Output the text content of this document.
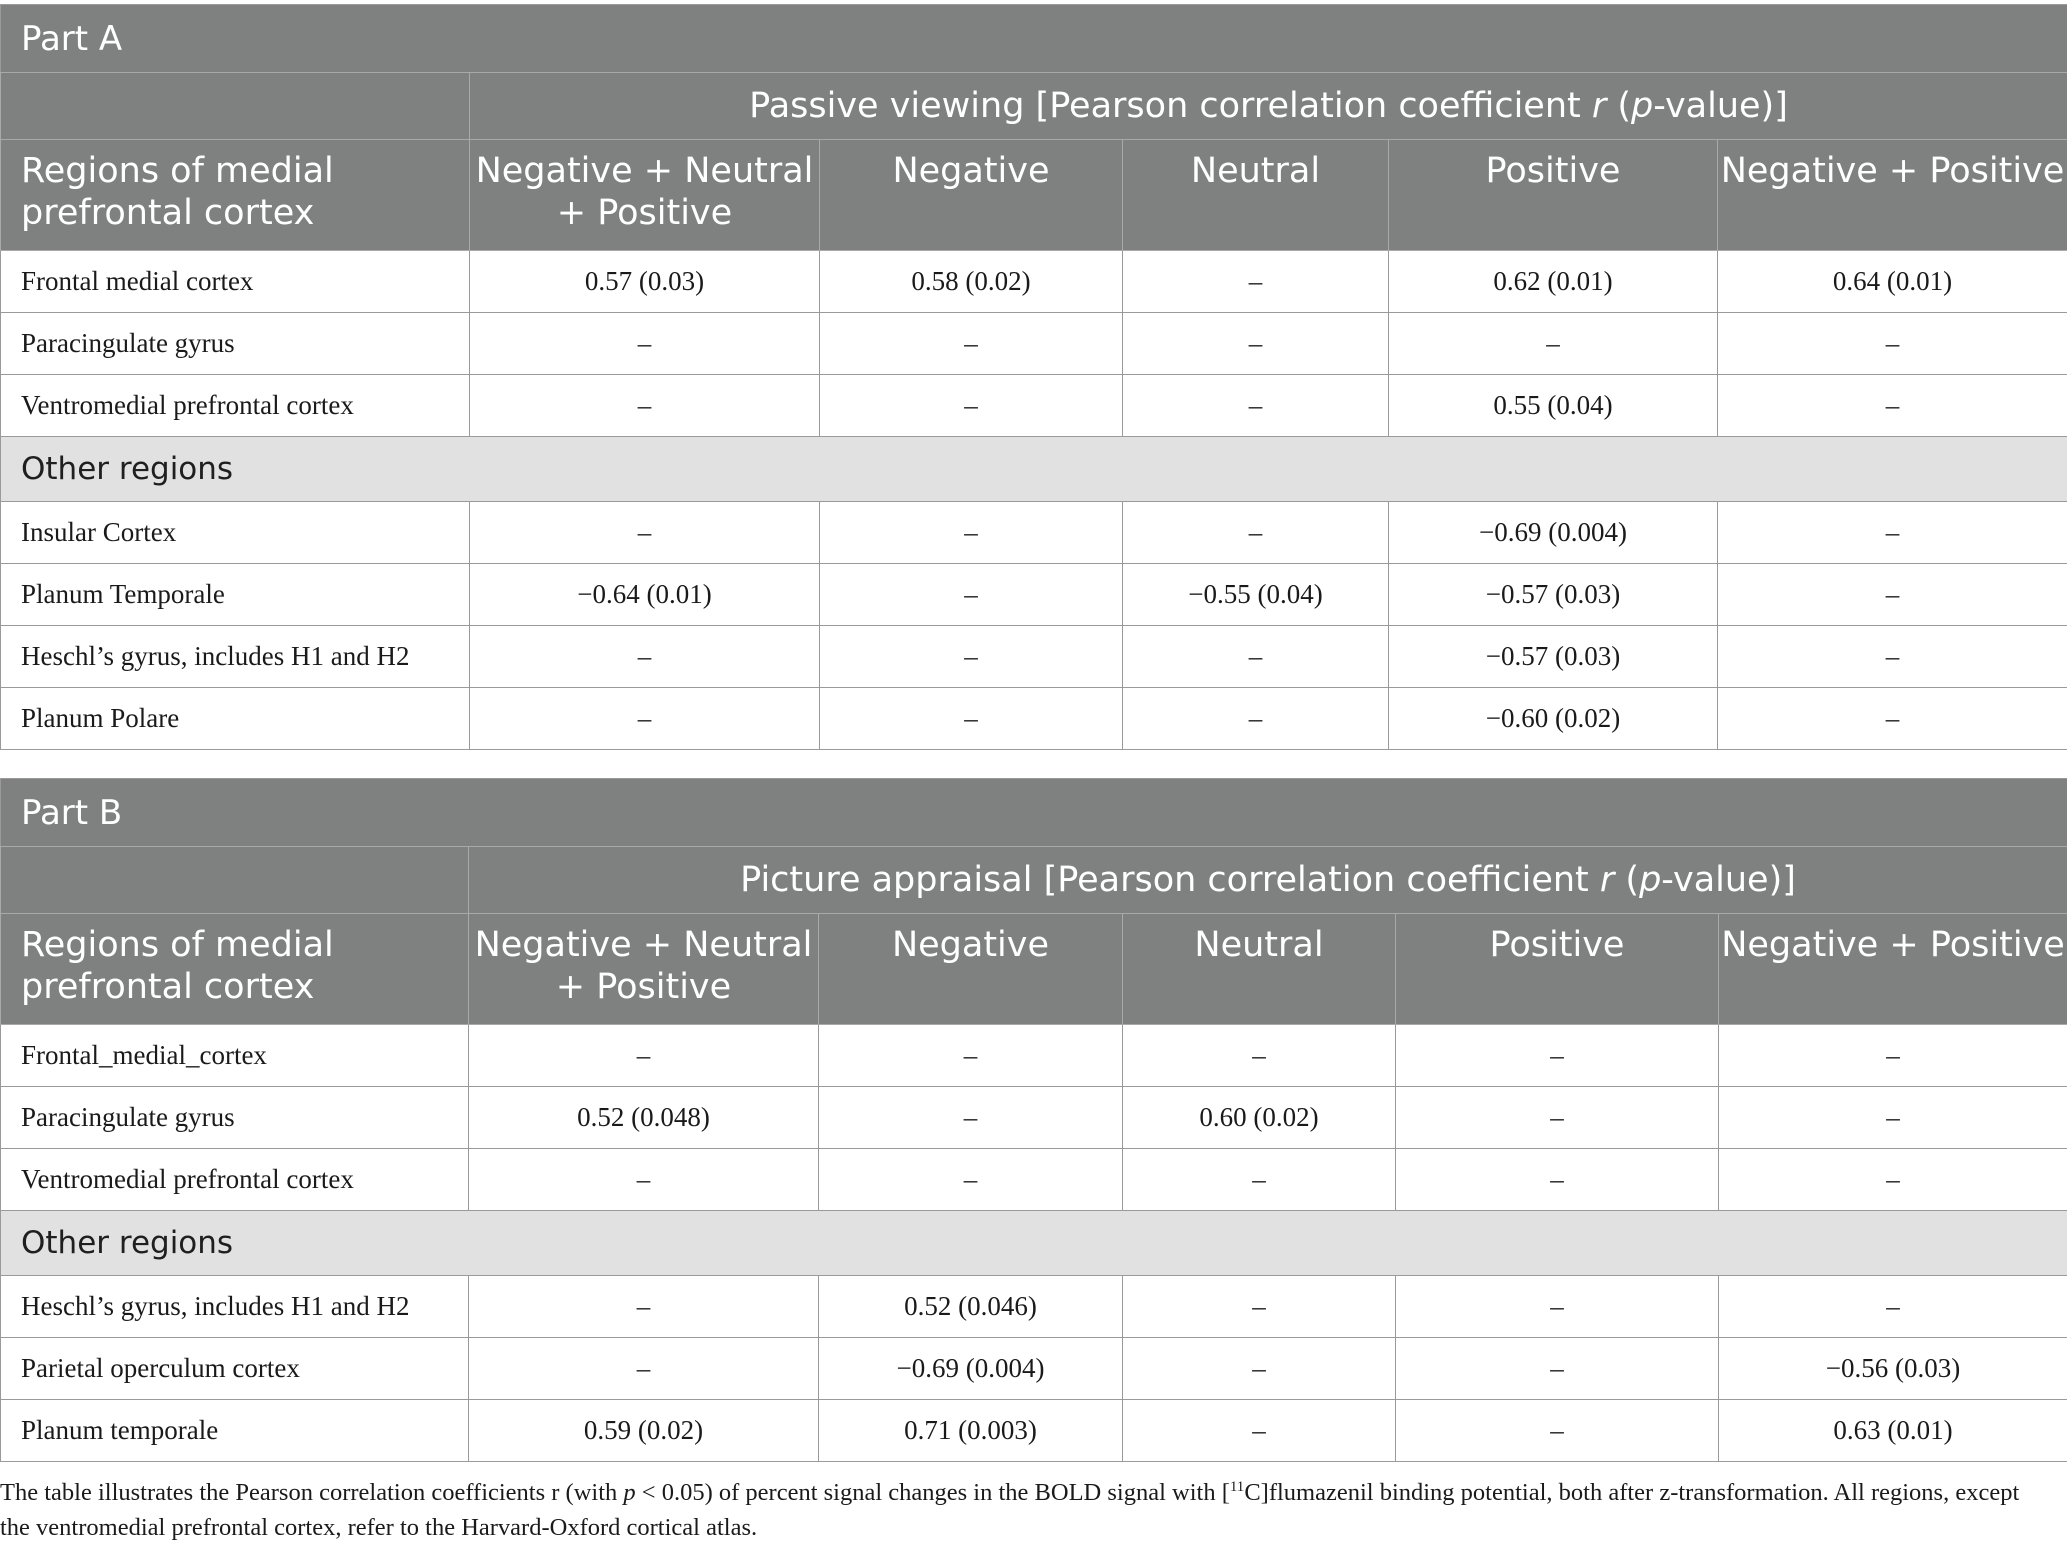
Part A					
	Passive viewing [Pearson correlation coefficient r (p-value)]				
Regions of medial prefrontal cortex	Negative + Neutral + Positive	Negative	Neutral	Positive	Negative + Positive
Frontal medial cortex	0.57 (0.03)	0.58 (0.02)	–	0.62 (0.01)	0.64 (0.01)
Paracingulate gyrus	–	–	–	–	–
Ventromedial prefrontal cortex	–	–	–	0.55 (0.04)	–
Other regions					
Insular Cortex	–	–	–	−0.69 (0.004)	–
Planum Temporale	−0.64 (0.01)	–	−0.55 (0.04)	−0.57 (0.03)	–
Heschl’s gyrus, includes H1 and H2	–	–	–	−0.57 (0.03)	–
Planum Polare	–	–	–	−0.60 (0.02)	–
Part B					
	Picture appraisal [Pearson correlation coefficient r (p-value)]				
Regions of medial prefrontal cortex	Negative + Neutral + Positive	Negative	Neutral	Positive	Negative + Positive
Frontal_medial_cortex	–	–	–	–	–
Paracingulate gyrus	0.52 (0.048)	–	0.60 (0.02)	–	–
Ventromedial prefrontal cortex	–	–	–	–	–
Other regions					
Heschl’s gyrus, includes H1 and H2	–	0.52 (0.046)	–	–	–
Parietal operculum cortex	–	−0.69 (0.004)	–	–	−0.56 (0.03)
Planum temporale	0.59 (0.02)	0.71 (0.003)	–	–	0.63 (0.01)
The table illustrates the Pearson correlation coefficients r (with p < 0.05) of percent signal changes in the BOLD signal with [$^{11}$C]flumazenil binding potential, both after z-transformation. All regions, except the ventromedial prefrontal cortex, refer to the Harvard-Oxford cortical atlas.
